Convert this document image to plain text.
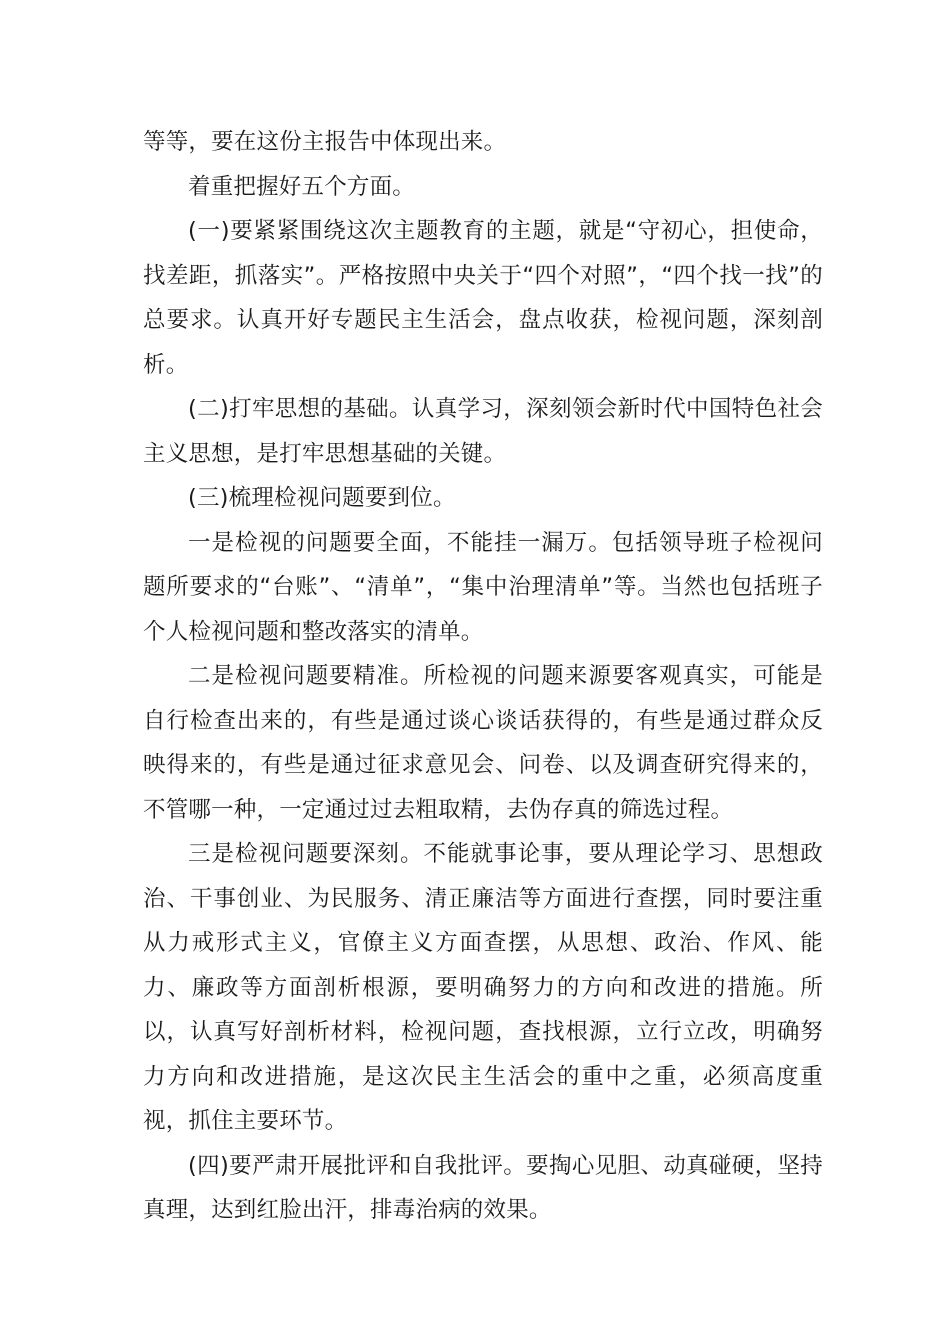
等等，要在这份主报告中体现出来。

着重把握好五个方面。

(一)要紧紧围绕这次主题教育的主题，就是“守初心，担使命，找差距，抓落实”。严格按照中央关于“四个对照”，“四个找一找”的总要求。认真开好专题民主生活会，盘点收获，检视问题，深刻剖析。

(二)打牢思想的基础。认真学习，深刻领会新时代中国特色社会主义思想，是打牢思想基础的关键。

(三)梳理检视问题要到位。

一是检视的问题要全面，不能挂一漏万。包括领导班子检视问题所要求的“台账”、“清单”，“集中治理清单”等。当然也包括班子个人检视问题和整改落实的清单。

二是检视问题要精准。所检视的问题来源要客观真实，可能是自行检查出来的，有些是通过谈心谈话获得的，有些是通过群众反映得来的，有些是通过征求意见会、问卷、以及调查研究得来的，不管哪一种，一定通过过去粗取精，去伪存真的筛选过程。

三是检视问题要深刻。不能就事论事，要从理论学习、思想政治、干事创业、为民服务、清正廉洁等方面进行查摆，同时要注重从力戒形式主义，官僚主义方面查摆，从思想、政治、作风、能力、廉政等方面剖析根源，要明确努力的方向和改进的措施。所以，认真写好剖析材料，检视问题，查找根源，立行立改，明确努力方向和改进措施，是这次民主生活会的重中之重，必须高度重视，抓住主要环节。

(四)要严肃开展批评和自我批评。要掏心见胆、动真碰硬，坚持真理，达到红脸出汗，排毒治病的效果。
